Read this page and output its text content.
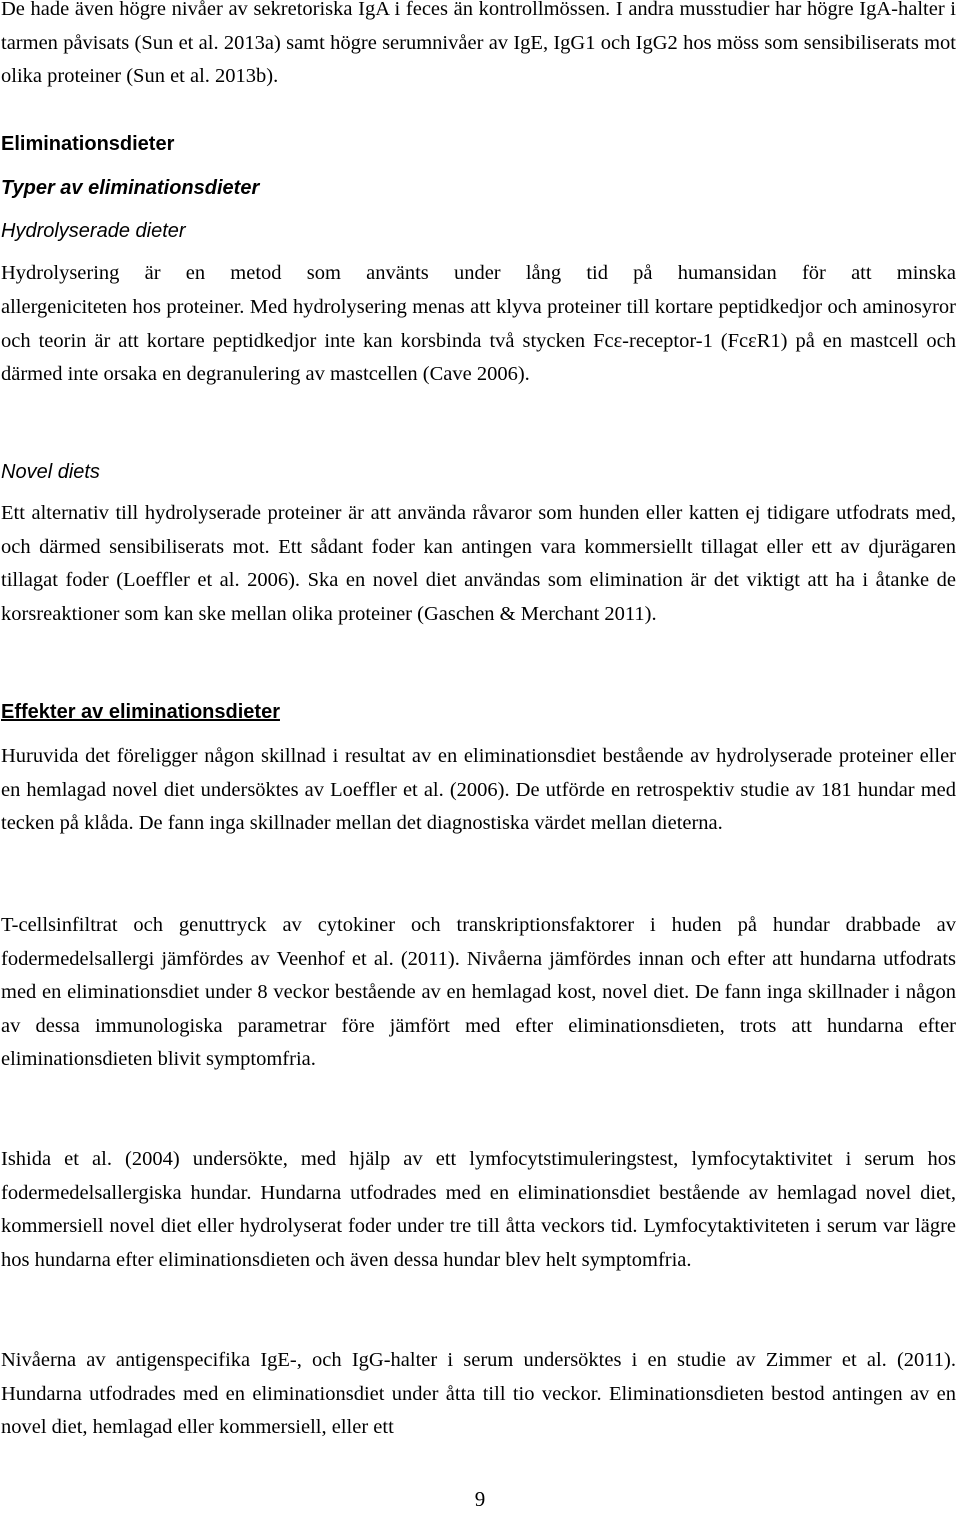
De hade även högre nivåer av sekretoriska IgA i feces än kontrollmössen. I andra musstudier har högre IgA-halter i tarmen påvisats (Sun et al. 2013a) samt högre serumnivåer av IgE, IgG1 och IgG2 hos möss som sensibiliserats mot olika proteiner (Sun et al. 2013b).

Eliminationsdieter
Typer av eliminationsdieter
Hydrolyserade dieter

Hydrolysering är en metod som använts under lång tid på humansidan för att minska

allergeniciteten hos proteiner. Med hydrolysering menas att klyva proteiner till kortare peptidkedjor och aminosyror och teorin är att kortare peptidkedjor inte kan korsbinda två stycken Fcε-receptor-1 (FcεR1) på en mastcell och därmed inte orsaka en degranulering av mastcellen (Cave 2006).

Novel diets

Ett alternativ till hydrolyserade proteiner är att använda råvaror som hunden eller katten ej tidigare utfodrats med, och därmed sensibiliserats mot. Ett sådant foder kan antingen vara kommersiellt tillagat eller ett av djurägaren tillagat foder (Loeffler et al. 2006). Ska en novel diet användas som elimination är det viktigt att ha i åtanke de korsreaktioner som kan ske mellan olika proteiner (Gaschen & Merchant 2011).

Effekter av eliminationsdieter

Huruvida det föreligger någon skillnad i resultat av en eliminationsdiet bestående av hydrolyserade proteiner eller en hemlagad novel diet undersöktes av Loeffler et al. (2006). De utförde en retrospektiv studie av 181 hundar med tecken på klåda. De fann inga skillnader mellan det diagnostiska värdet mellan dieterna.

T-cellsinfiltrat och genuttryck av cytokiner och transkriptionsfaktorer i huden på hundar drabbade av fodermedelsallergi jämfördes av Veenhof et al. (2011). Nivåerna jämfördes innan och efter att hundarna utfodrats med en eliminationsdiet under 8 veckor bestående av en hemlagad kost, novel diet. De fann inga skillnader i någon av dessa immunologiska parametrar före jämfört med efter eliminationsdieten, trots att hundarna efter eliminationsdieten blivit symptomfria.

Ishida et al. (2004) undersökte, med hjälp av ett lymfocytstimuleringstest, lymfocytaktivitet i serum hos fodermedelsallergiska hundar. Hundarna utfodrades med en eliminationsdiet bestående av hemlagad novel diet, kommersiell novel diet eller hydrolyserat foder under tre till åtta veckors tid. Lymfocytaktiviteten i serum var lägre hos hundarna efter eliminationsdieten och även dessa hundar blev helt symptomfria.

Nivåerna av antigenspecifika IgE-, och IgG-halter i serum undersöktes i en studie av Zimmer et al. (2011). Hundarna utfodrades med en eliminationsdiet under åtta till tio veckor. Eliminationsdieten bestod antingen av en novel diet, hemlagad eller kommersiell, eller ett

9
